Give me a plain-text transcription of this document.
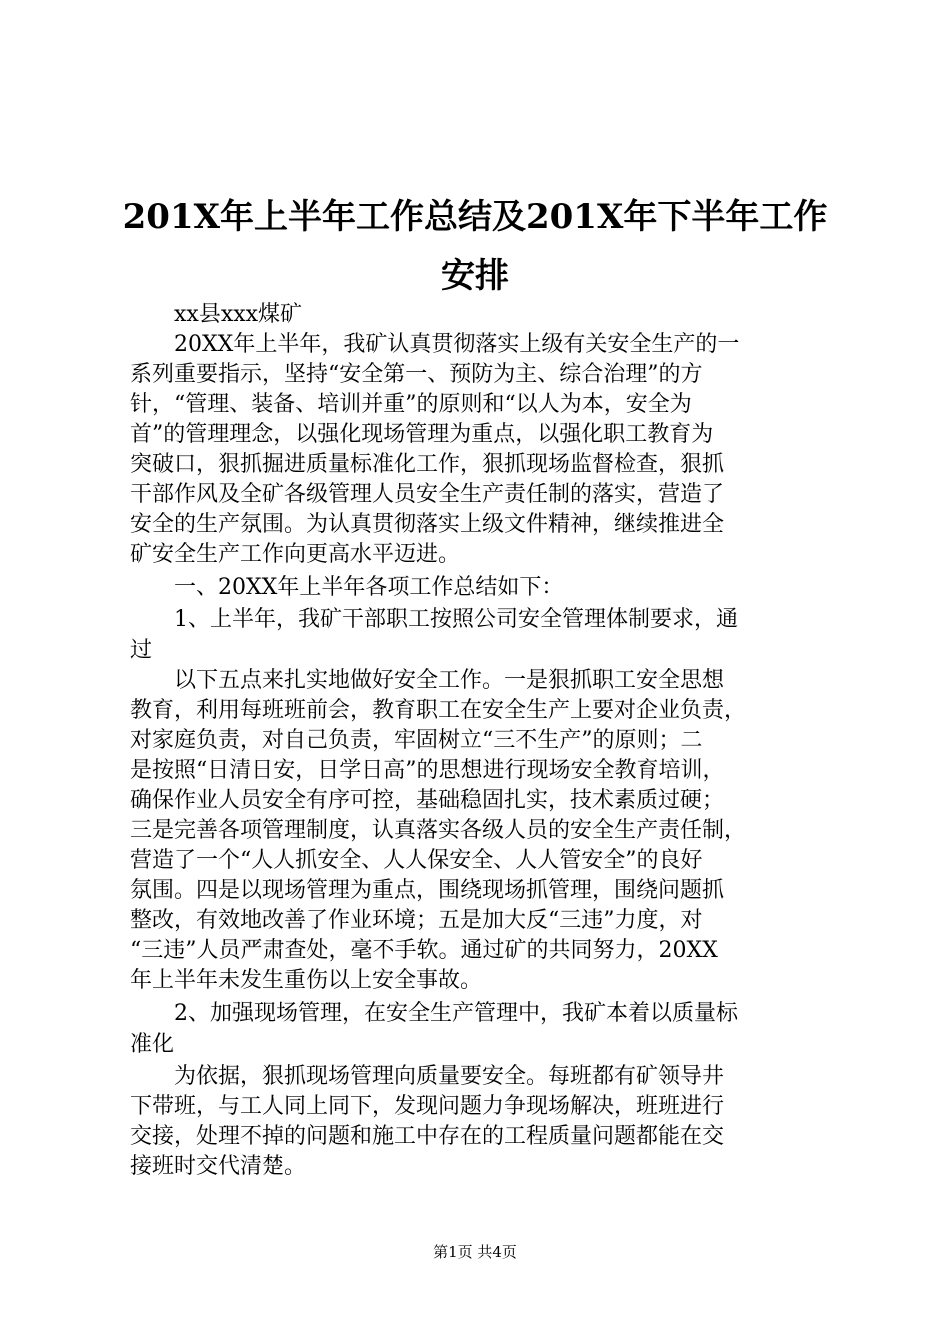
201X年上半年工作总结及201X年下半年工作
安排

　　xx县xxx煤矿

　　20XX年上半年，我矿认真贯彻落实上级有关安全生产的一

系列重要指示，坚持“安全第一、预防为主、综合治理”的方

针，“管理、装备、培训并重”的原则和“以人为本，安全为

首”的管理理念，以强化现场管理为重点，以强化职工教育为

突破口，狠抓掘进质量标准化工作，狠抓现场监督检查，狠抓

干部作风及全矿各级管理人员安全生产责任制的落实，营造了

安全的生产氛围。为认真贯彻落实上级文件精神，继续推进全

矿安全生产工作向更高水平迈进。

　　一、20XX年上半年各项工作总结如下：

　　1、上半年，我矿干部职工按照公司安全管理体制要求，通

过

　　以下五点来扎实地做好安全工作。一是狠抓职工安全思想

教育，利用每班班前会，教育职工在安全生产上要对企业负责，

对家庭负责，对自己负责，牢固树立“三不生产”的原则；二

是按照“日清日安，日学日高”的思想进行现场安全教育培训，

确保作业人员安全有序可控，基础稳固扎实，技术素质过硬；

三是完善各项管理制度，认真落实各级人员的安全生产责任制，

营造了一个“人人抓安全、人人保安全、人人管安全”的良好

氛围。四是以现场管理为重点，围绕现场抓管理，围绕问题抓

整改，有效地改善了作业环境；五是加大反“三违”力度，对

“三违”人员严肃查处，毫不手软。通过矿的共同努力，20XX

年上半年未发生重伤以上安全事故。

　　2、加强现场管理，在安全生产管理中，我矿本着以质量标

准化

　　为依据，狠抓现场管理向质量要安全。每班都有矿领导井

下带班，与工人同上同下，发现问题力争现场解决，班班进行

交接，处理不掉的问题和施工中存在的工程质量问题都能在交

接班时交代清楚。

第1页 共4页
